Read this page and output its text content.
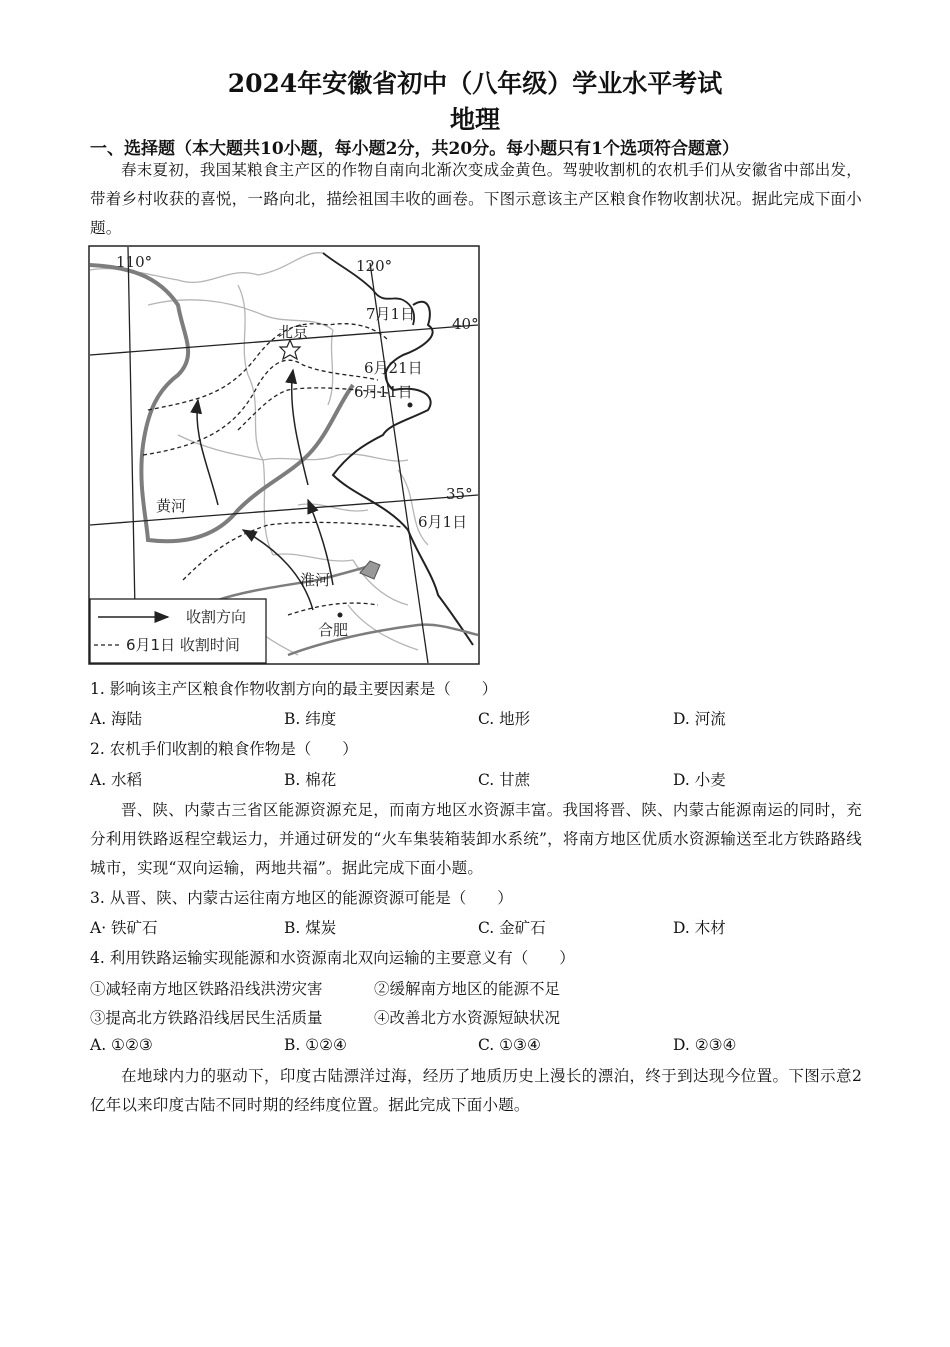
2024年安徽省初中（八年级）学业水平考试
地理
一、选择题（本大题共10小题，每小题2分，共20分。每小题只有1个选项符合题意）
春末夏初，我国某粮食主产区的作物自南向北渐次变成金黄色。驾驶收割机的农机手们从安徽省中部出发，带着乡村收获的喜悦，一路向北，描绘祖国丰收的画卷。下图示意该主产区粮食作物收割状况。据此完成下面小题。
110°	120°
40°
35°
北京
7月1日
6月21日
6月11日
6月1日
黄河
淮河
合肥
收割方向
6月1日 收割时间
1. 影响该主产区粮食作物收割方向的最主要因素是（　　）
A. 海陆	B. 纬度	C. 地形	D. 河流
2. 农机手们收割的粮食作物是（　　）
A. 水稻	B. 棉花	C. 甘蔗	D. 小麦
晋、陕、内蒙古三省区能源资源充足，而南方地区水资源丰富。我国将晋、陕、内蒙古能源南运的同时，充分利用铁路返程空载运力，并通过研发的“火车集装箱装卸水系统”，将南方地区优质水资源输送至北方铁路路线城市，实现“双向运输，两地共福”。据此完成下面小题。
3. 从晋、陕、内蒙古运往南方地区的能源资源可能是（　　）
A· 铁矿石	B. 煤炭	C. 金矿石	D. 木材
4. 利用铁路运输实现能源和水资源南北双向运输的主要意义有（　　）
①减轻南方地区铁路沿线洪涝灾害	②缓解南方地区的能源不足
③提高北方铁路沿线居民生活质量	④改善北方水资源短缺状况
A. ①②③	B. ①②④	C. ①③④	D. ②③④
在地球内力的驱动下，印度古陆漂洋过海，经历了地质历史上漫长的漂泊，终于到达现今位置。下图示意2亿年以来印度古陆不同时期的经纬度位置。据此完成下面小题。
